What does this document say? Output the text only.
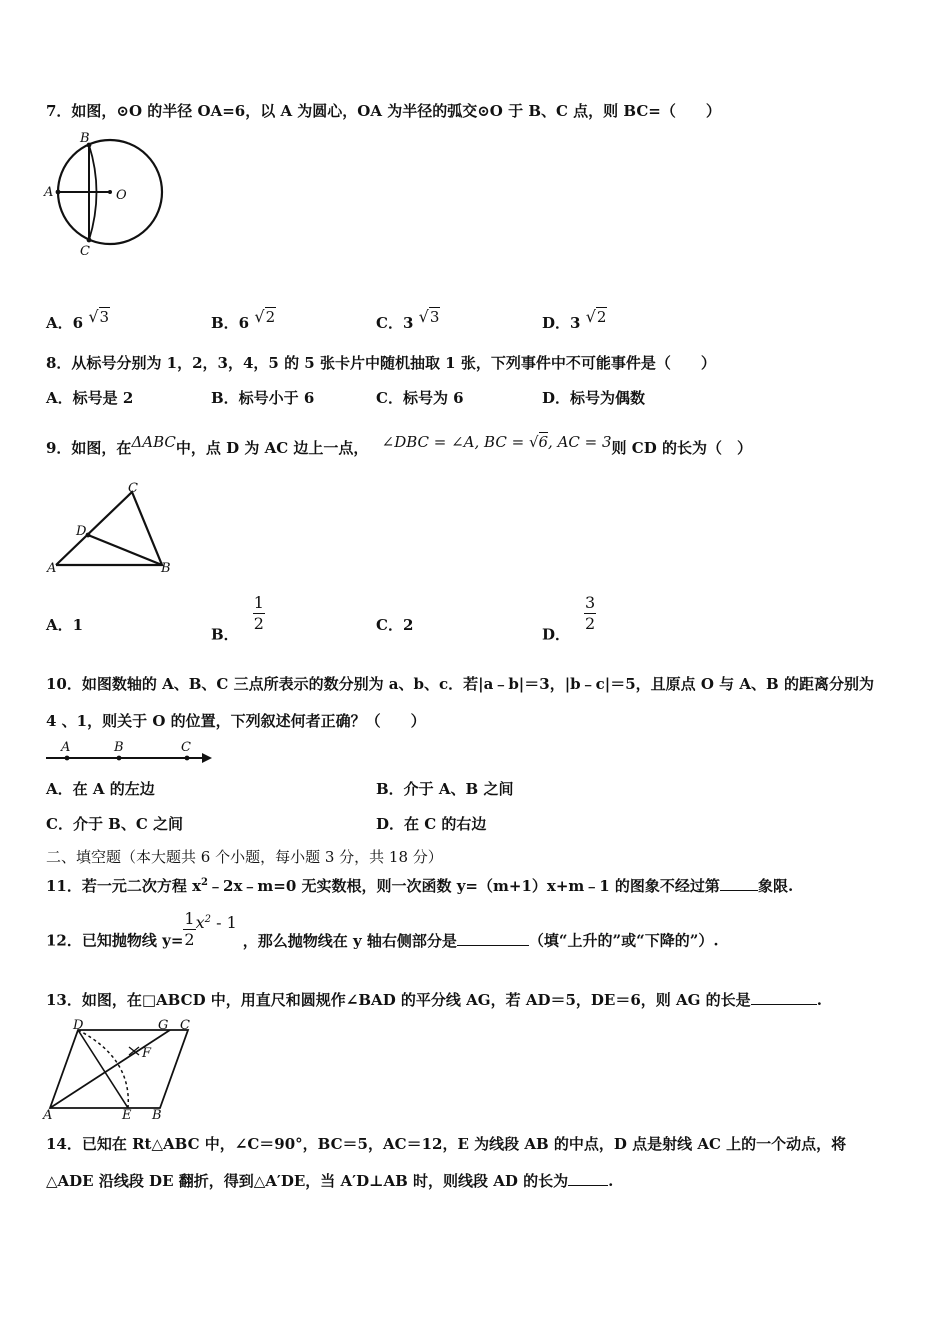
7．如图，⊙O 的半径 OA=6，以 A 为圆心，OA 为半径的弧交⊙O 于 B、C 点，则 BC=（　　）
B
A	O
C
A．6 √3	B．6 √2	C．3 √3	D．3 √2
8．从标号分别为 1，2，3，4，5 的 5 张卡片中随机抽取 1 张，下列事件中不可能事件是（　　）
A．标号是 2	B．标号小于 6	C．标号为 6	D．标号为偶数
9．如图，在ΔABC中，点 D 为 AC 边上一点， ∠DBC = ∠A, BC = √6, AC = 3则 CD 的长为（　）
C
D
A	B
A．1
B．
$\frac{1}{2}$	C．2
D．
$\frac{3}{2}$
10．如图数轴的 A、B、C 三点所表示的数分别为 a、b、c．若|a﹣b|＝3，|b﹣c|＝5，且原点 O 与 A、B 的距离分别为
4 、1，则关于 O 的位置，下列叙述何者正确？（　　）
A	B	C
A．在 A 的左边	B．介于 A、B 之间
C．介于 B、C 之间	D．在 C 的右边
二、填空题（本大题共 6 个小题，每小题 3 分，共 18 分）
11．若一元二次方程 $x^2﹣2x﹣m=0$ 无实数根，则一次函数 y=（m+1）x+m﹣1 的图象不经过第	象限.
12．已知抛物线 $y= \frac{1}{2} x^2 - 1$，那么抛物线在 y 轴右侧部分是	（填“上升的”或“下降的”）.
13．如图，在□ABCD 中，用直尺和圆规作∠BAD 的平分线 AG，若 AD＝5，DE＝6，则 AG 的长是	.
D	G C
F
A	E B
14．已知在 Rt△ABC 中，∠C＝90°，BC＝5，AC＝12，E 为线段 AB 的中点，D 点是射线 AC 上的一个动点，将
△ADE 沿线段 DE 翻折，得到△A′DE，当 A′D⊥AB 时，则线段 AD 的长为	.
